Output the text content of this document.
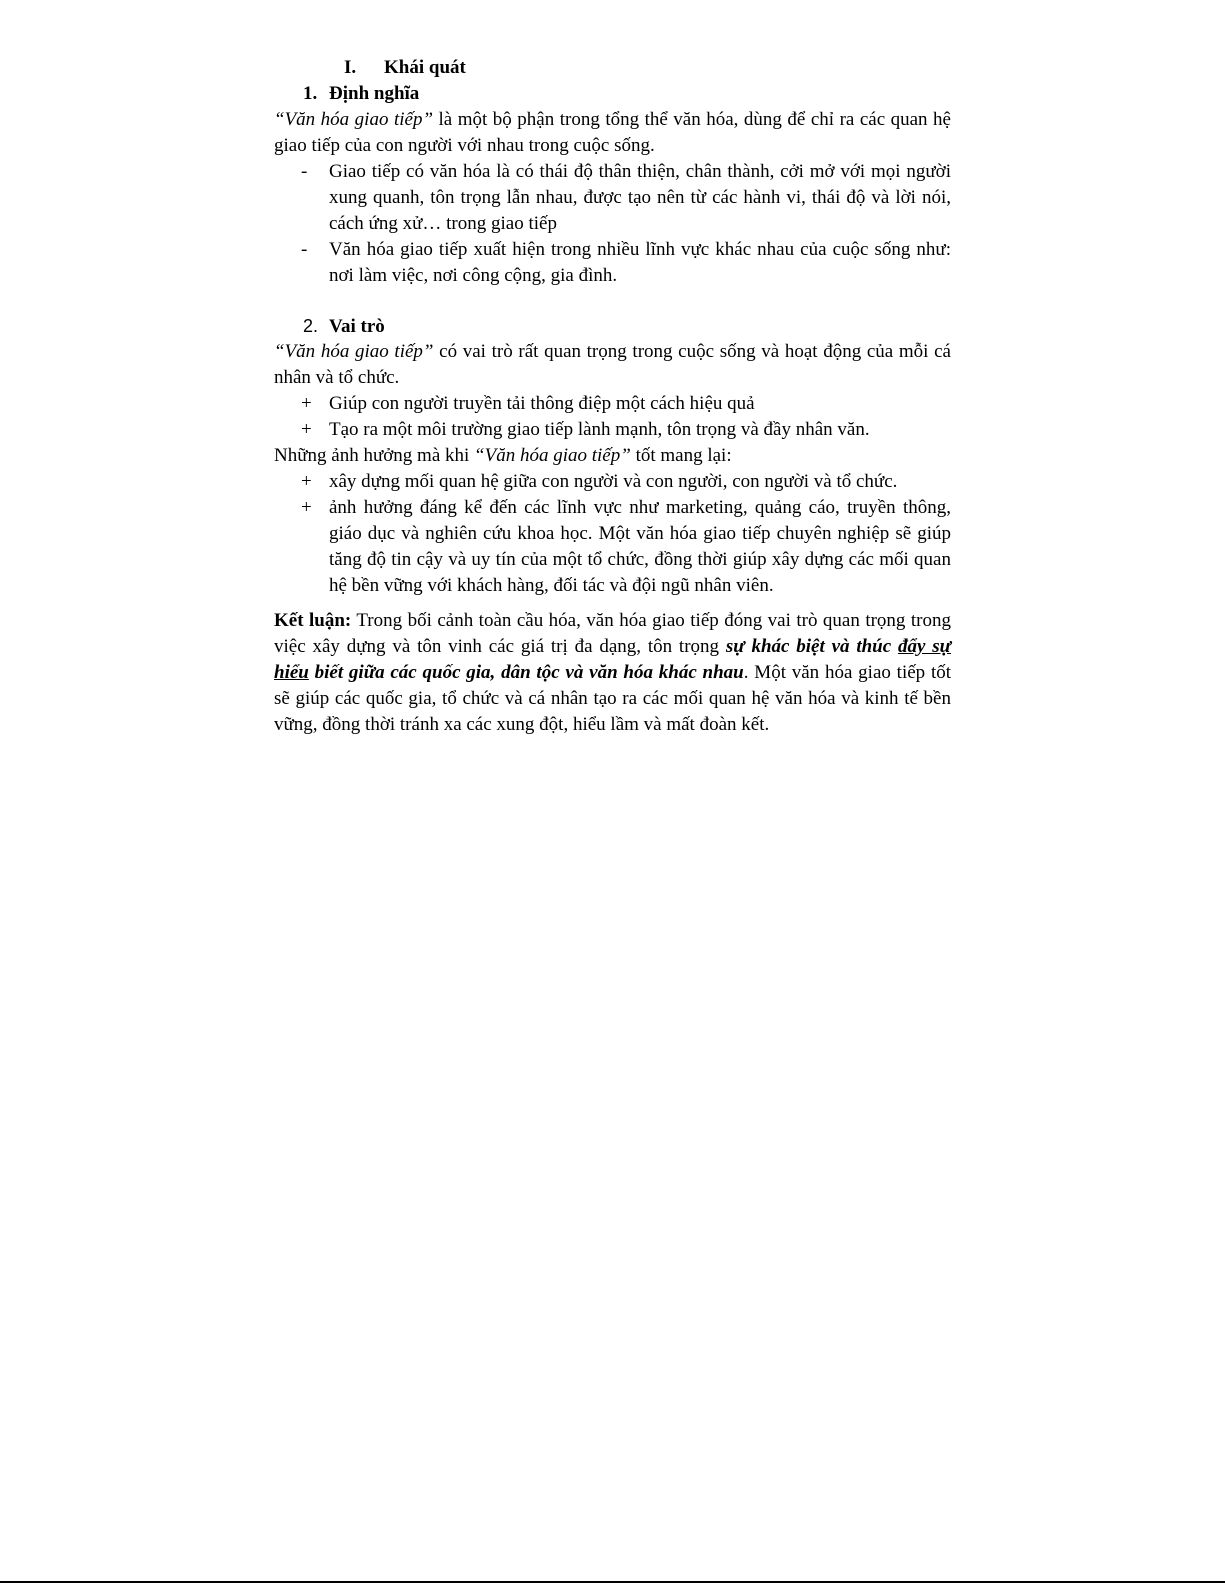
I. Khái quát
1. Định nghĩa

“Văn hóa giao tiếp” là một bộ phận trong tổng thể văn hóa, dùng để chỉ ra các quan hệ giao tiếp của con người với nhau trong cuộc sống.

- Giao tiếp có văn hóa là có thái độ thân thiện, chân thành, cởi mở với mọi người xung quanh, tôn trọng lẫn nhau, được tạo nên từ các hành vi, thái độ và lời nói, cách ứng xử… trong giao tiếp
- Văn hóa giao tiếp xuất hiện trong nhiều lĩnh vực khác nhau của cuộc sống như: nơi làm việc, nơi công cộng, gia đình.
2. Vai trò

“Văn hóa giao tiếp” có vai trò rất quan trọng trong cuộc sống và hoạt động của mỗi cá nhân và tổ chức.

+ Giúp con người truyền tải thông điệp một cách hiệu quả
+ Tạo ra một môi trường giao tiếp lành mạnh, tôn trọng và đầy nhân văn.

Những ảnh hưởng mà khi “Văn hóa giao tiếp” tốt mang lại:

+ xây dựng mối quan hệ giữa con người và con người, con người và tổ chức.
+ ảnh hưởng đáng kể đến các lĩnh vực như marketing, quảng cáo, truyền thông, giáo dục và nghiên cứu khoa học. Một văn hóa giao tiếp chuyên nghiệp sẽ giúp tăng độ tin cậy và uy tín của một tổ chức, đồng thời giúp xây dựng các mối quan hệ bền vững với khách hàng, đối tác và đội ngũ nhân viên.

Kết luận: Trong bối cảnh toàn cầu hóa, văn hóa giao tiếp đóng vai trò quan trọng trong việc xây dựng và tôn vinh các giá trị đa dạng, tôn trọng sự khác biệt và thúc đẩy sự hiểu biết giữa các quốc gia, dân tộc và văn hóa khác nhau. Một văn hóa giao tiếp tốt sẽ giúp các quốc gia, tổ chức và cá nhân tạo ra các mối quan hệ văn hóa và kinh tế bền vững, đồng thời tránh xa các xung đột, hiểu lầm và mất đoàn kết.
